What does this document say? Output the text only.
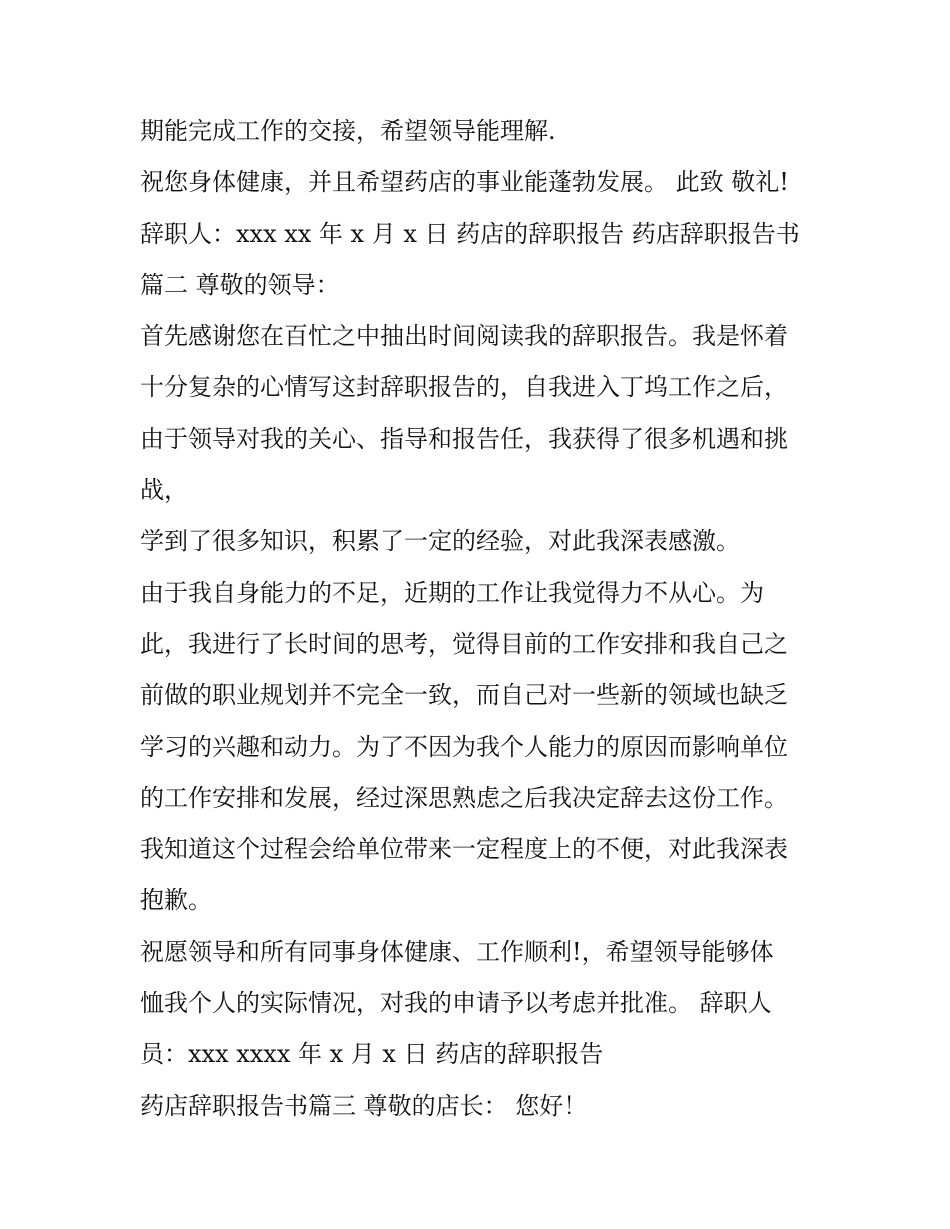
期能完成工作的交接，希望领导能理解.
祝您身体健康，并且希望药店的事业能蓬勃发展。 此致 敬礼!
辞职人：xxx xx 年 x 月 x 日 药店的辞职报告 药店辞职报告书
篇二 尊敬的领导：
首先感谢您在百忙之中抽出时间阅读我的辞职报告。我是怀着
十分复杂的心情写这封辞职报告的，自我进入丁坞工作之后，
由于领导对我的关心、指导和报告任，我获得了很多机遇和挑
战，
学到了很多知识，积累了一定的经验，对此我深表感激。
由于我自身能力的不足，近期的工作让我觉得力不从心。为
此，我进行了长时间的思考，觉得目前的工作安排和我自己之
前做的职业规划并不完全一致，而自己对一些新的领域也缺乏
学习的兴趣和动力。为了不因为我个人能力的原因而影响单位
的工作安排和发展，经过深思熟虑之后我决定辞去这份工作。
我知道这个过程会给单位带来一定程度上的不便，对此我深表
抱歉。
祝愿领导和所有同事身体健康、工作顺利!，希望领导能够体
恤我个人的实际情况，对我的申请予以考虑并批准。 辞职人
员：xxx xxxx 年 x 月 x 日 药店的辞职报告
药店辞职报告书篇三 尊敬的店长： 您好！
